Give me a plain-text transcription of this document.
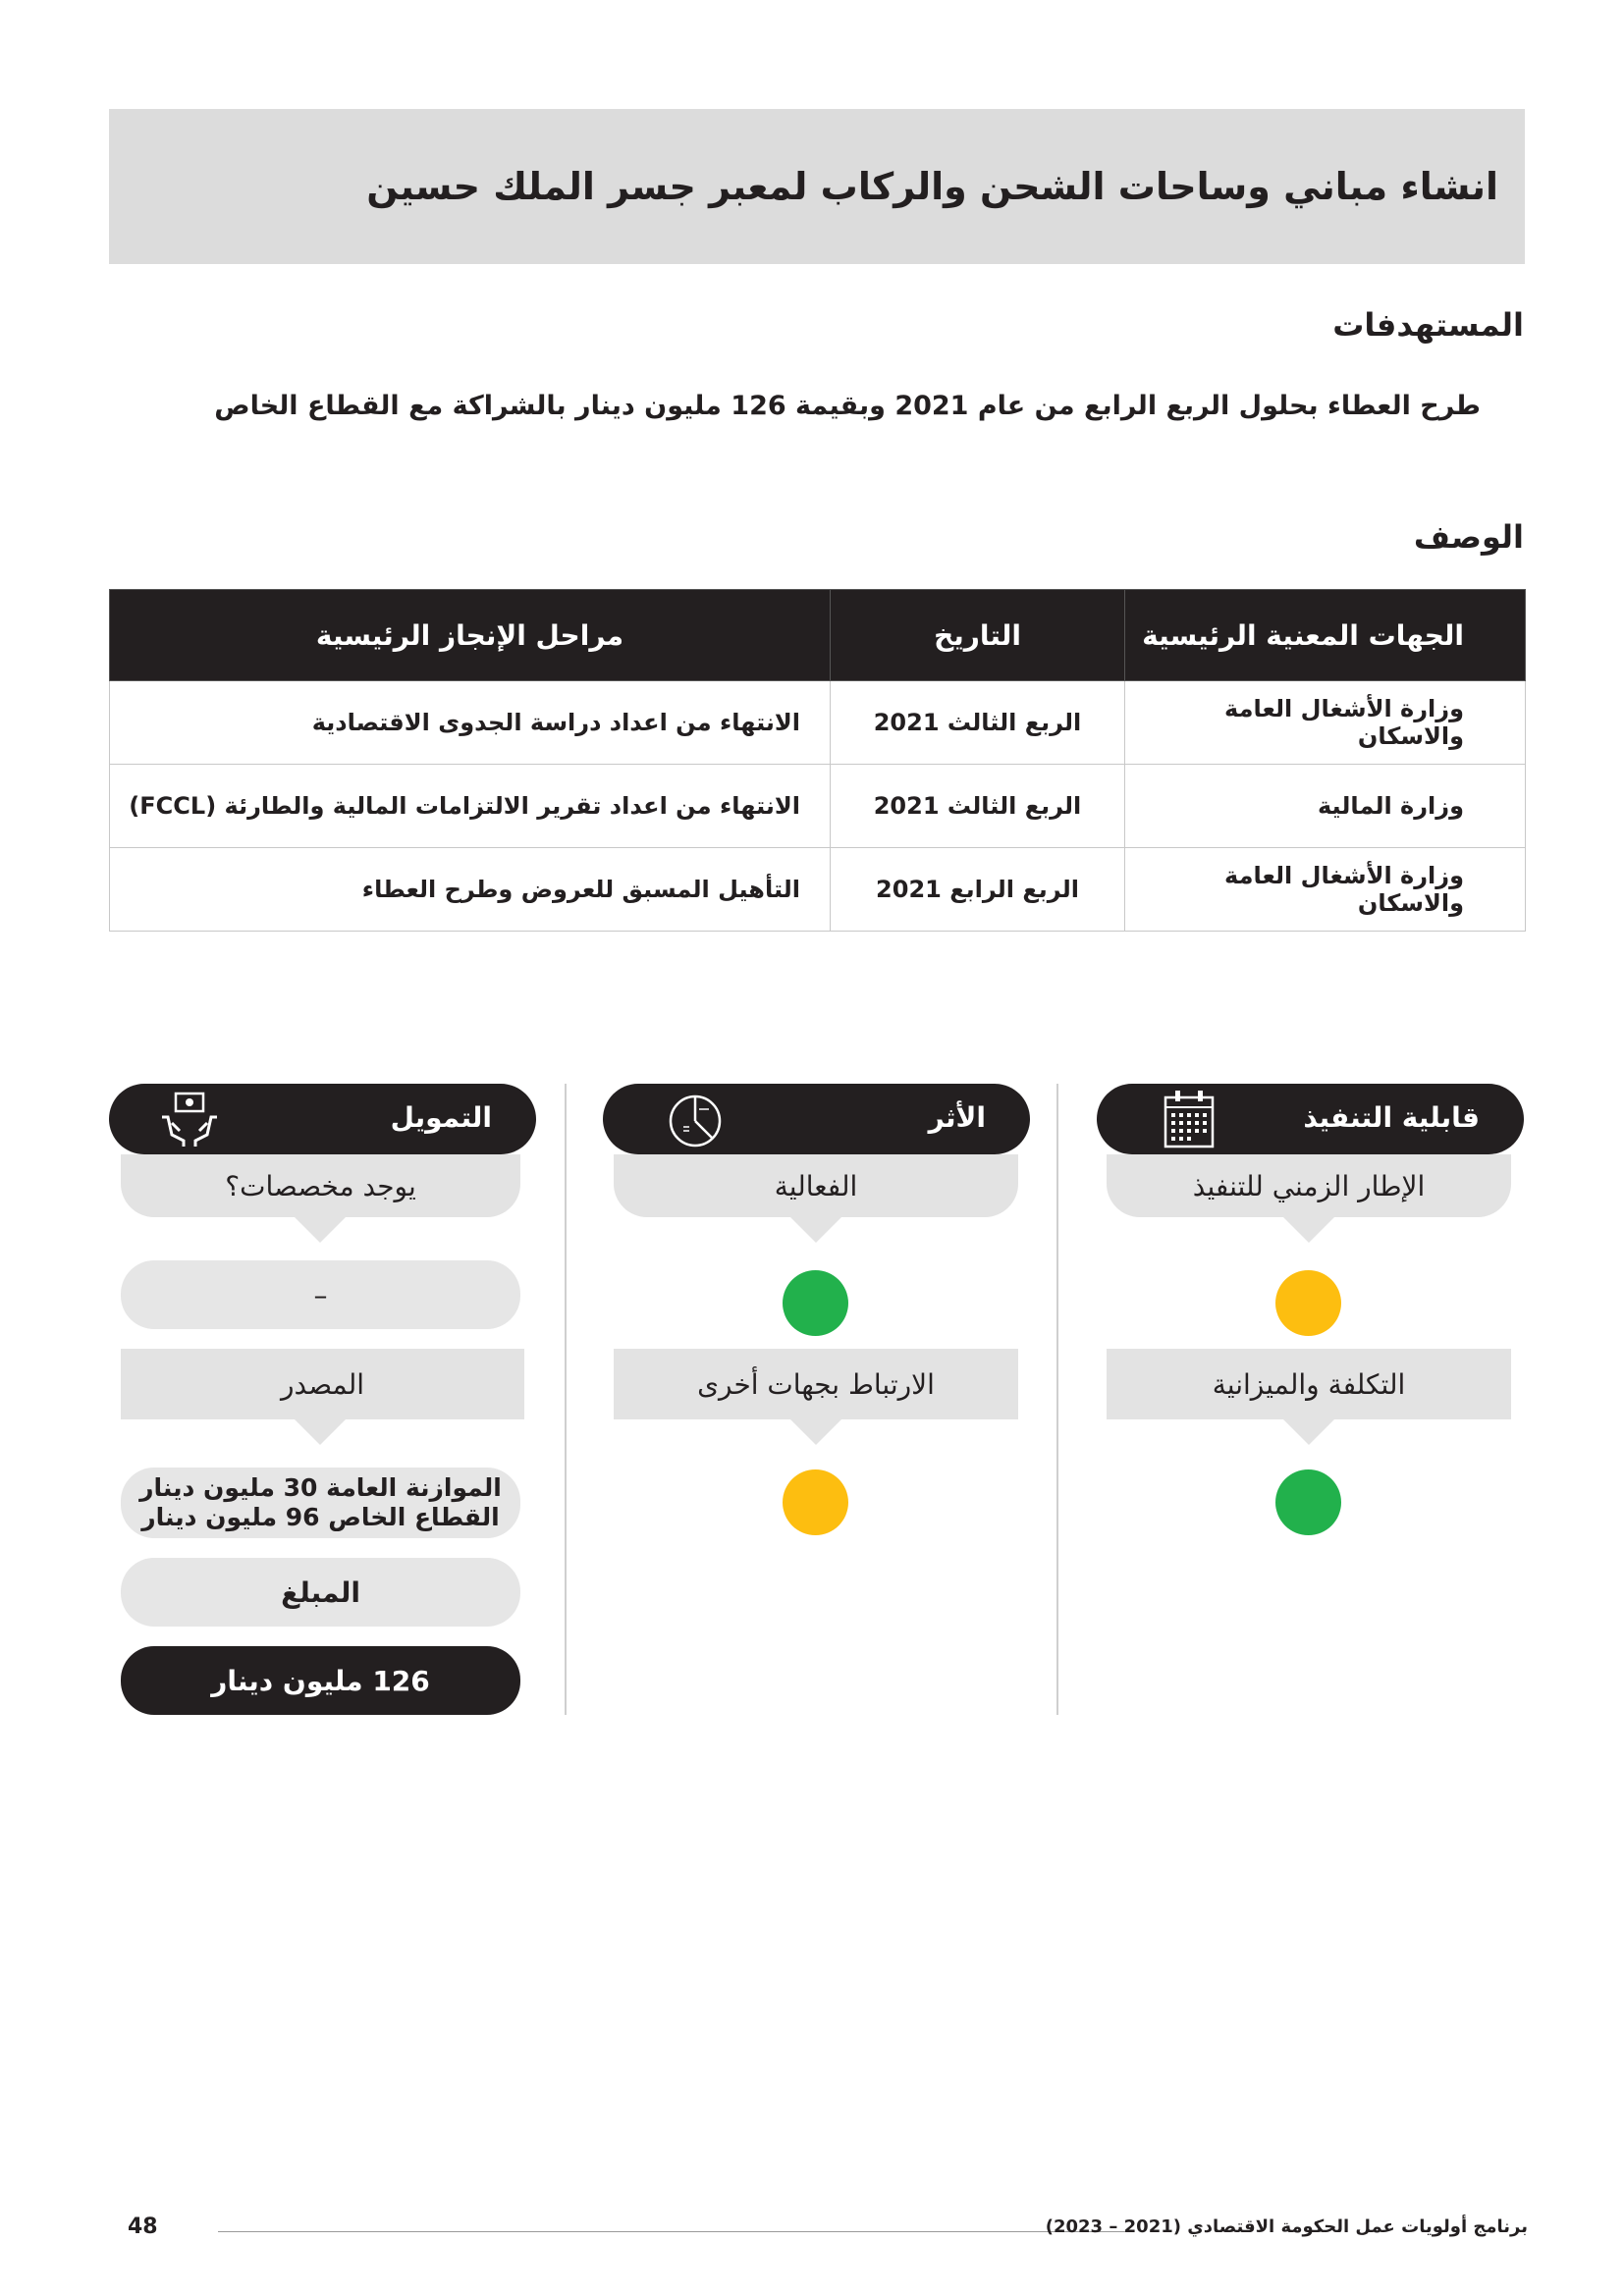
انشاء مباني وساحات الشحن والركاب لمعبر جسر الملك حسين
المستهدفات

طرح العطاء بحلول الربع الرابع من عام 2021 وبقيمة 126 مليون دينار بالشراكة مع القطاع الخاص

الوصف
الجهات المعنية الرئيسية	التاريخ	مراحل الإنجاز الرئيسية
وزارة الأشغال العامة والاسكان	الربع الثالث 2021	الانتهاء من اعداد دراسة الجدوى الاقتصادية
وزارة المالية	الربع الثالث 2021	الانتهاء من اعداد تقرير الالتزامات المالية والطارئة (FCCL)
وزارة الأشغال العامة والاسكان	الربع الرابع 2021	التأهيل المسبق للعروض وطرح العطاء
قابلية التنفيذ
الإطار الزمني للتنفيذ
التكلفة والميزانية
الأثر
الفعالية
الارتباط بجهات أخرى
التمويل
يوجد مخصصات؟
–
المصدر
الموازنة العامة 30 مليون دينار
القطاع الخاص 96 مليون دينار
المبلغ
126 مليون دينار
برنامج أولويات عمل الحكومة الاقتصادي (2021 – 2023)
48
